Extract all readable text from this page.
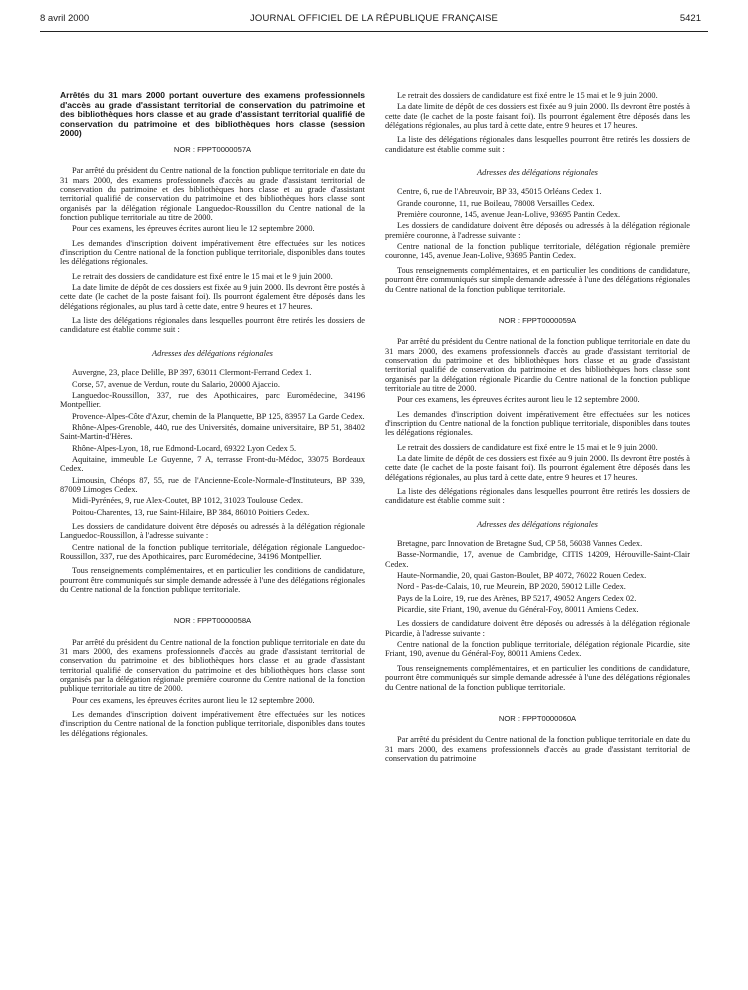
8 avril 2000	JOURNAL OFFICIEL DE LA RÉPUBLIQUE FRANÇAISE	5421
Arrêtés du 31 mars 2000 portant ouverture des examens professionnels d'accès au grade d'assistant territorial de conservation du patrimoine et des bibliothèques hors classe et au grade d'assistant territorial qualifié de conservation du patrimoine et des bibliothèques hors classe (session 2000)
NOR : FPPT0000057A

Par arrêté du président du Centre national de la fonction publique territoriale en date du 31 mars 2000, des examens professionnels d'accès au grade d'assistant territorial de conservation du patrimoine et des bibliothèques hors classe et au grade d'assistant territorial qualifié de conservation du patrimoine et des bibliothèques hors classe sont organisés par la délégation régionale Languedoc-Roussillon du Centre national de la fonction publique territoriale au titre de 2000.

Pour ces examens, les épreuves écrites auront lieu le 12 septembre 2000.

Les demandes d'inscription doivent impérativement être effectuées sur les notices d'inscription du Centre national de la fonction publique territoriale, disponibles dans toutes les délégations régionales.

Le retrait des dossiers de candidature est fixé entre le 15 mai et le 9 juin 2000.

La date limite de dépôt de ces dossiers est fixée au 9 juin 2000. Ils devront être postés à cette date (le cachet de la poste faisant foi). Ils pourront également être déposés dans les délégations régionales, au plus tard à cette date, entre 9 heures et 17 heures.

La liste des délégations régionales dans lesquelles pourront être retirés les dossiers de candidature est établie comme suit :

Adresses des délégations régionales

Auvergne, 23, place Delille, BP 397, 63011 Clermont-Ferrand Cedex 1.

Corse, 57, avenue de Verdun, route du Salario, 20000 Ajaccio.

Languedoc-Roussillon, 337, rue des Apothicaires, parc Euromédecine, 34196 Montpellier.

Provence-Alpes-Côte d'Azur, chemin de la Planquette, BP 125, 83957 La Garde Cedex.

Rhône-Alpes-Grenoble, 440, rue des Universités, domaine universitaire, BP 51, 38402 Saint-Martin-d'Hères.

Rhône-Alpes-Lyon, 18, rue Edmond-Locard, 69322 Lyon Cedex 5.

Aquitaine, immeuble Le Guyenne, 7 A, terrasse Front-du-Médoc, 33075 Bordeaux Cedex.

Limousin, Chéops 87, 55, rue de l'Ancienne-Ecole-Normale-d'Instituteurs, BP 339, 87009 Limoges Cedex.

Midi-Pyrénées, 9, rue Alex-Coutet, BP 1012, 31023 Toulouse Cedex.

Poitou-Charentes, 13, rue Saint-Hilaire, BP 384, 86010 Poitiers Cedex.

Les dossiers de candidature doivent être déposés ou adressés à la délégation régionale Languedoc-Roussillon, à l'adresse suivante :

Centre national de la fonction publique territoriale, délégation régionale Languedoc-Roussillon, 337, rue des Apothicaires, parc Euromédecine, 34196 Montpellier.

Tous renseignements complémentaires, et en particulier les conditions de candidature, pourront être communiqués sur simple demande adressée à l'une des délégations régionales du Centre national de la fonction publique territoriale.

NOR : FPPT0000058A

Par arrêté du président du Centre national de la fonction publique territoriale en date du 31 mars 2000, des examens professionnels d'accès au grade d'assistant territorial de conservation du patrimoine et des bibliothèques hors classe et au grade d'assistant territorial qualifié de conservation du patrimoine et des bibliothèques hors classe sont organisés par la délégation régionale première couronne du Centre national de la fonction publique territoriale au titre de 2000.

Pour ces examens, les épreuves écrites auront lieu le 12 septembre 2000.

Les demandes d'inscription doivent impérativement être effectuées sur les notices d'inscription du Centre national de la fonction publique territoriale, disponibles dans toutes les délégations régionales.

Le retrait des dossiers de candidature est fixé entre le 15 mai et le 9 juin 2000.

La date limite de dépôt de ces dossiers est fixée au 9 juin 2000. Ils devront être postés à cette date (le cachet de la poste faisant foi). Ils pourront également être déposés dans les délégations régionales, au plus tard à cette date, entre 9 heures et 17 heures.

La liste des délégations régionales dans lesquelles pourront être retirés les dossiers de candidature est établie comme suit :

Adresses des délégations régionales

Centre, 6, rue de l'Abreuvoir, BP 33, 45015 Orléans Cedex 1.

Grande couronne, 11, rue Boileau, 78008 Versailles Cedex.

Première couronne, 145, avenue Jean-Lolive, 93695 Pantin Cedex.

Les dossiers de candidature doivent être déposés ou adressés à la délégation régionale première couronne, à l'adresse suivante :

Centre national de la fonction publique territoriale, délégation régionale première couronne, 145, avenue Jean-Lolive, 93695 Pantin Cedex.

Tous renseignements complémentaires, et en particulier les conditions de candidature, pourront être communiqués sur simple demande adressée à l'une des délégations régionales du Centre national de la fonction publique territoriale.

NOR : FPPT0000059A

Par arrêté du président du Centre national de la fonction publique territoriale en date du 31 mars 2000, des examens professionnels d'accès au grade d'assistant territorial de conservation du patrimoine et des bibliothèques hors classe et au grade d'assistant territorial qualifié de conservation du patrimoine et des bibliothèques hors classe sont organisés par la délégation régionale Picardie du Centre national de la fonction publique territoriale au titre de 2000.

Pour ces examens, les épreuves écrites auront lieu le 12 septembre 2000.

Les demandes d'inscription doivent impérativement être effectuées sur les notices d'inscription du Centre national de la fonction publique territoriale, disponibles dans toutes les délégations régionales.

Le retrait des dossiers de candidature est fixé entre le 15 mai et le 9 juin 2000.

La date limite de dépôt de ces dossiers est fixée au 9 juin 2000. Ils devront être postés à cette date (le cachet de la poste faisant foi). Ils pourront également être déposés dans les délégations régionales, au plus tard à cette date, entre 9 heures et 17 heures.

La liste des délégations régionales dans lesquelles pourront être retirés les dossiers de candidature est établie comme suit :

Adresses des délégations régionales

Bretagne, parc Innovation de Bretagne Sud, CP 58, 56038 Vannes Cedex.

Basse-Normandie, 17, avenue de Cambridge, CITIS 14209, Hérouville-Saint-Clair Cedex.

Haute-Normandie, 20, quai Gaston-Boulet, BP 4072, 76022 Rouen Cedex.

Nord - Pas-de-Calais, 10, rue Meurein, BP 2020, 59012 Lille Cedex.

Pays de la Loire, 19, rue des Arènes, BP 5217, 49052 Angers Cedex 02.

Picardie, site Friant, 190, avenue du Général-Foy, 80011 Amiens Cedex.

Les dossiers de candidature doivent être déposés ou adressés à la délégation régionale Picardie, à l'adresse suivante :

Centre national de la fonction publique territoriale, délégation régionale Picardie, site Friant, 190, avenue du Général-Foy, 80011 Amiens Cedex.

Tous renseignements complémentaires, et en particulier les conditions de candidature, pourront être communiqués sur simple demande adressée à l'une des délégations régionales du Centre national de la fonction publique territoriale.

NOR : FPPT0000060A

Par arrêté du président du Centre national de la fonction publique territoriale en date du 31 mars 2000, des examens professionnels d'accès au grade d'assistant territorial de conservation du patrimoine
